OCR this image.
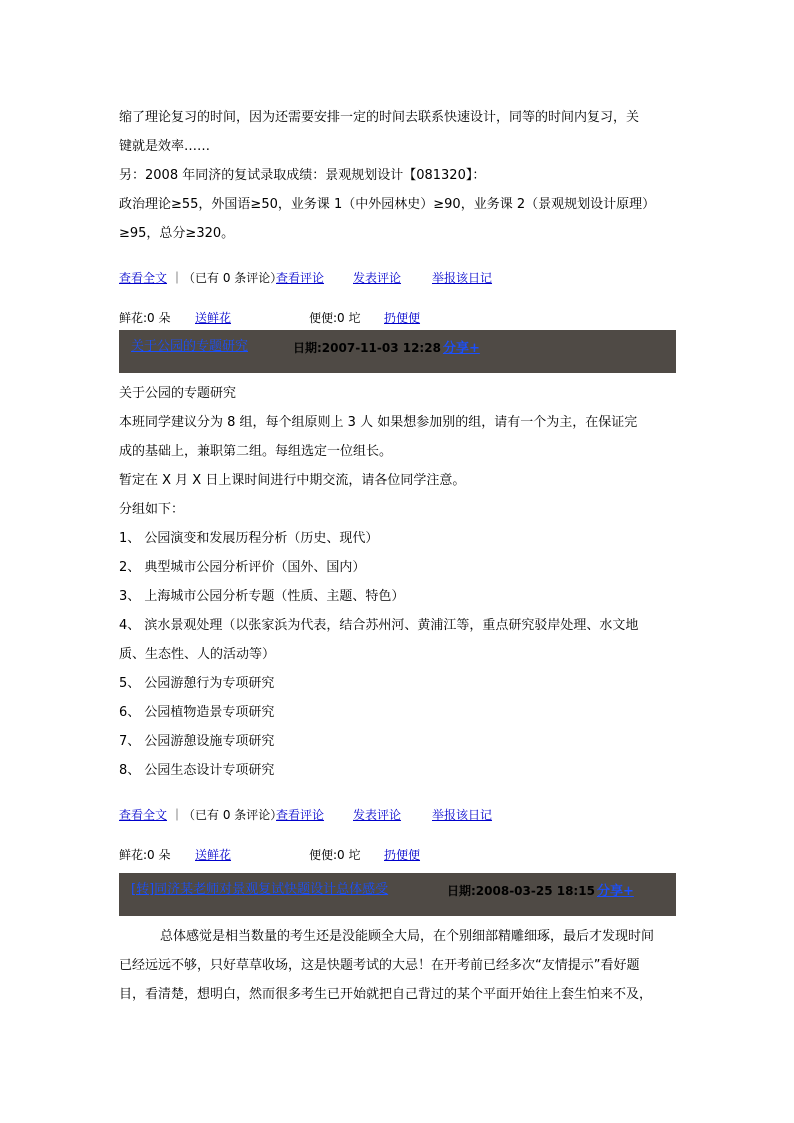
缩了理论复习的时间，因为还需要安排一定的时间去联系快速设计，同等的时间内复习，关

键就是效率……

另：2008 年同济的复试录取成绩：景观规划设计【081320】：

政治理论≥55，外国语≥50，业务课 1（中外园林史）≥90，业务课 2（景观规划设计原理）

≥95，总分≥320。

查看全文 ｜（已有 0 条评论）
查看评论 发表评论	举报该日记
鲜花:0 朵 送鲜花	便便:0 坨 扔便便
关于公园的专题研究	日期:2007-11-03 12:28 分享+

关于公园的专题研究

本班同学建议分为 8 组，每个组原则上 3 人 如果想参加别的组，请有一个为主，在保证完

成的基础上，兼职第二组。每组选定一位组长。

暂定在 X 月 X 日上课时间进行中期交流，请各位同学注意。

分组如下：

1、 公园演变和发展历程分析（历史、现代）

2、 典型城市公园分析评价（国外、国内）

3、 上海城市公园分析专题（性质、主题、特色）

4、 滨水景观处理（以张家浜为代表，结合苏州河、黄浦江等，重点研究驳岸处理、水文地

质、生态性、人的活动等）

5、 公园游憩行为专项研究

6、 公园植物造景专项研究

7、 公园游憩设施专项研究

8、 公园生态设计专项研究

查看全文 ｜（已有 0 条评论）
查看评论 发表评论	举报该日记
鲜花:0 朵 送鲜花	便便:0 坨 扔便便
[转]同济某老师对景观复试快题设计总体感受	日期:2008-03-25 18:15 分享+

总体感觉是相当数量的考生还是没能顾全大局，在个别细部精雕细琢，最后才发现时间

已经远远不够，只好草草收场，这是快题考试的大忌！在开考前已经多次“友情提示”看好题

目，看清楚，想明白，然而很多考生已开始就把自己背过的某个平面开始往上套生怕来不及，
